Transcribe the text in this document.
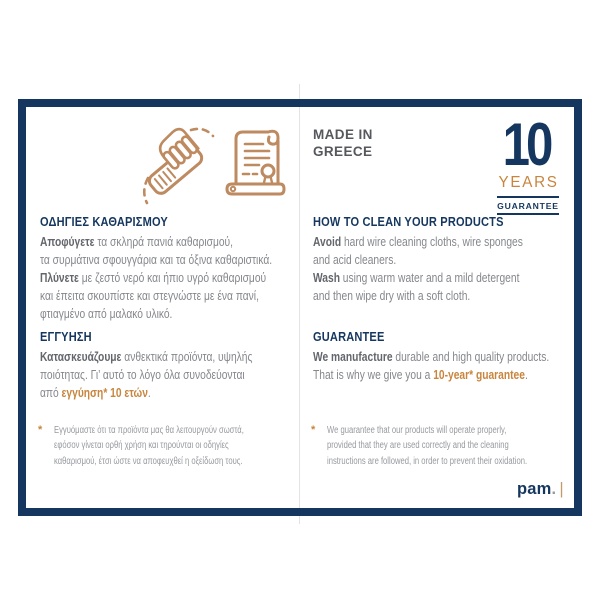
MADE IN
GREECE 10
YEARS
GUARANTEE
ΟΔΗΓΙΕΣ ΚΑΘΑΡΙΣΜΟΥ
Αποφύγετε τα σκληρά πανιά καθαρισμού,
τα συρμάτινα σφουγγάρια και τα όξινα καθαριστικά.
Πλύνετε με ζεστό νερό και ήπιο υγρό καθαρισμού
και έπειτα σκουπίστε και στεγνώστε με ένα πανί,
φτιαγμένο από μαλακό υλικό.
ΕΓΓΥΗΣΗ
Κατασκευάζουμε ανθεκτικά προϊόντα, υψηλής
ποιότητας. Γι’ αυτό το λόγο όλα συνοδεύονται
από εγγύηση* 10 ετών.
*	Εγγυόμαστε ότι τα προϊόντα μας θα λειτουργούν σωστά,
εφόσον γίνεται ορθή χρήση και τηρούνται οι οδηγίες
καθαρισμού, έτσι ώστε να αποφευχθεί η οξείδωση τους.
HOW TO CLEAN YOUR PRODUCTS
Avoid hard wire cleaning cloths, wire sponges
and acid cleaners.
Wash using warm water and a mild detergent
and then wipe dry with a soft cloth.
GUARANTEE
We manufacture durable and high quality products.
That is why we give you a 10-year* guarantee.
*	We guarantee that our products will operate properly,
provided that they are used correctly and the cleaning
instructions are followed, in order to prevent their oxidation.
pam. |
